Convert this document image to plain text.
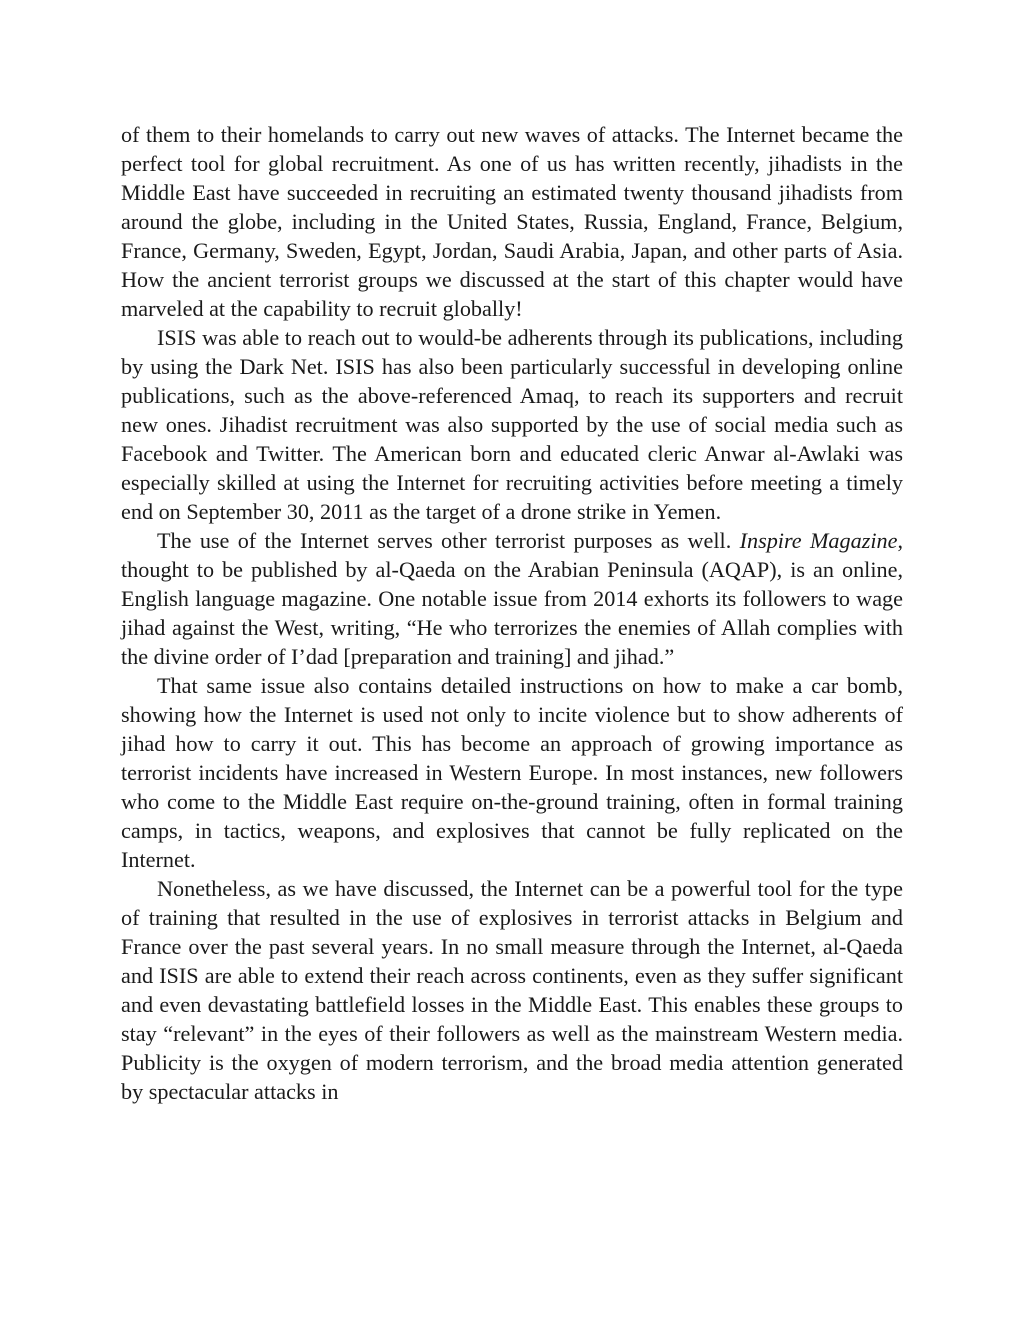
of them to their homelands to carry out new waves of attacks. The Internet became the perfect tool for global recruitment. As one of us has written recently, jihadists in the Middle East have succeeded in recruiting an estimated twenty thousand jihadists from around the globe, including in the United States, Russia, England, France, Belgium, France, Germany, Sweden, Egypt, Jordan, Saudi Arabia, Japan, and other parts of Asia. How the ancient terrorist groups we discussed at the start of this chapter would have marveled at the capability to recruit globally!

ISIS was able to reach out to would-be adherents through its publications, including by using the Dark Net. ISIS has also been particularly successful in developing online publications, such as the above-referenced Amaq, to reach its supporters and recruit new ones. Jihadist recruitment was also supported by the use of social media such as Facebook and Twitter. The American born and educated cleric Anwar al-Awlaki was especially skilled at using the Internet for recruiting activities before meeting a timely end on September 30, 2011 as the target of a drone strike in Yemen.

The use of the Internet serves other terrorist purposes as well. Inspire Magazine, thought to be published by al-Qaeda on the Arabian Peninsula (AQAP), is an online, English language magazine. One notable issue from 2014 exhorts its followers to wage jihad against the West, writing, “He who terrorizes the enemies of Allah complies with the divine order of I’dad [preparation and training] and jihad.”

That same issue also contains detailed instructions on how to make a car bomb, showing how the Internet is used not only to incite violence but to show adherents of jihad how to carry it out. This has become an approach of growing importance as terrorist incidents have increased in Western Europe. In most instances, new followers who come to the Middle East require on-the-ground training, often in formal training camps, in tactics, weapons, and explosives that cannot be fully replicated on the Internet.

Nonetheless, as we have discussed, the Internet can be a powerful tool for the type of training that resulted in the use of explosives in terrorist attacks in Belgium and France over the past several years. In no small measure through the Internet, al-Qaeda and ISIS are able to extend their reach across continents, even as they suffer significant and even devastating battlefield losses in the Middle East. This enables these groups to stay “relevant” in the eyes of their followers as well as the mainstream Western media. Publicity is the oxygen of modern terrorism, and the broad media attention generated by spectacular attacks in
